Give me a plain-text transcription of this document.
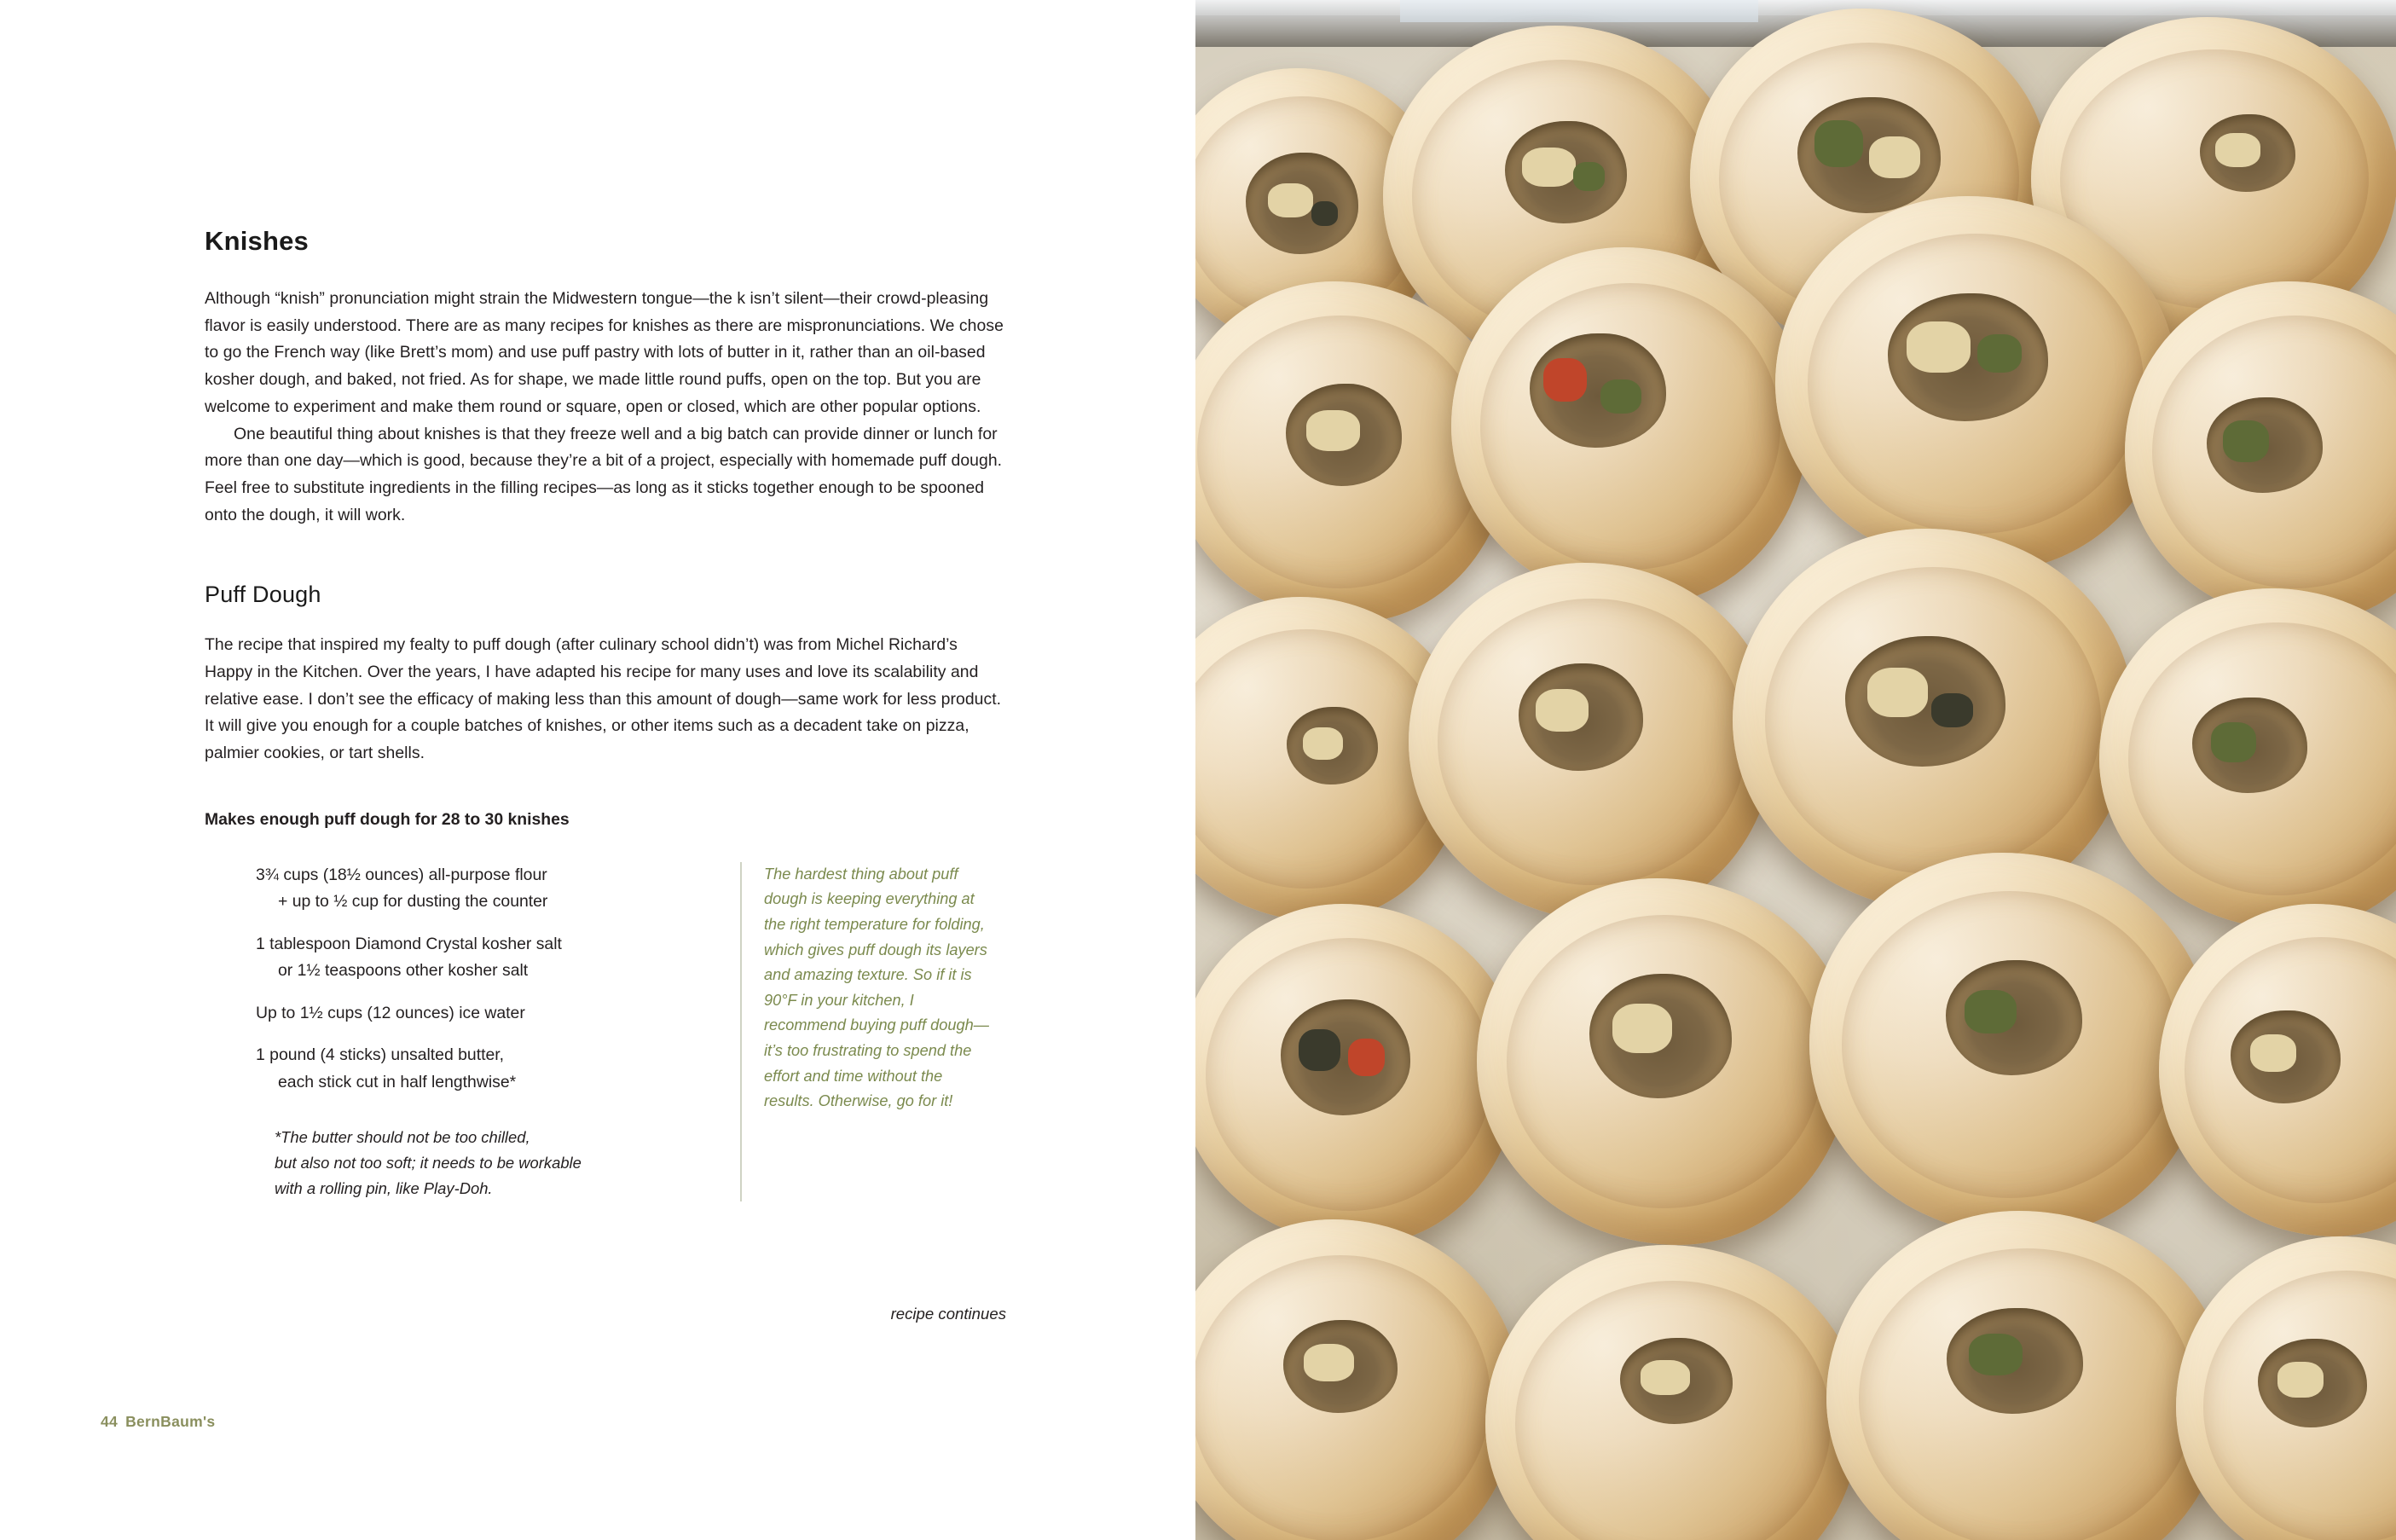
Knishes

Although “knish” pronunciation might strain the Midwestern tongue—the k isn’t silent—their crowd-pleasing flavor is easily understood. There are as many recipes for knishes as there are mispronunciations. We chose to go the French way (like Brett’s mom) and use puff pastry with lots of butter in it, rather than an oil-based kosher dough, and baked, not fried. As for shape, we made little round puffs, open on the top. But you are welcome to experiment and make them round or square, open or closed, which are other popular options.

One beautiful thing about knishes is that they freeze well and a big batch can provide dinner or lunch for more than one day—which is good, because they’re a bit of a project, especially with homemade puff dough. Feel free to substitute ingredients in the filling recipes—as long as it sticks together enough to be spooned onto the dough, it will work.

Puff Dough

The recipe that inspired my fealty to puff dough (after culinary school didn’t) was from Michel Richard’s Happy in the Kitchen. Over the years, I have adapted his recipe for many uses and love its scalability and relative ease. I don’t see the efficacy of making less than this amount of dough—same work for less product. It will give you enough for a couple batches of knishes, or other items such as a decadent take on pizza, palmier cookies, or tart shells.

Makes enough puff dough for 28 to 30 knishes

3¾ cups (18½ ounces) all-purpose flour
+ up to ½ cup for dusting the counter

1 tablespoon Diamond Crystal kosher salt
or 1½ teaspoons other kosher salt

Up to 1½ cups (12 ounces) ice water

1 pound (4 sticks) unsalted butter,
each stick cut in half lengthwise*

*The butter should not be too chilled,
but also not too soft; it needs to be workable
with a rolling pin, like Play-Doh.

The hardest thing about puff dough is keeping everything at the right temperature for folding, which gives puff dough its layers and amazing texture. So if it is 90°F in your kitchen, I recommend buying puff dough—it’s too frustrating to spend the effort and time without the results. Otherwise, go for it!

recipe continues
44 BernBaum's
